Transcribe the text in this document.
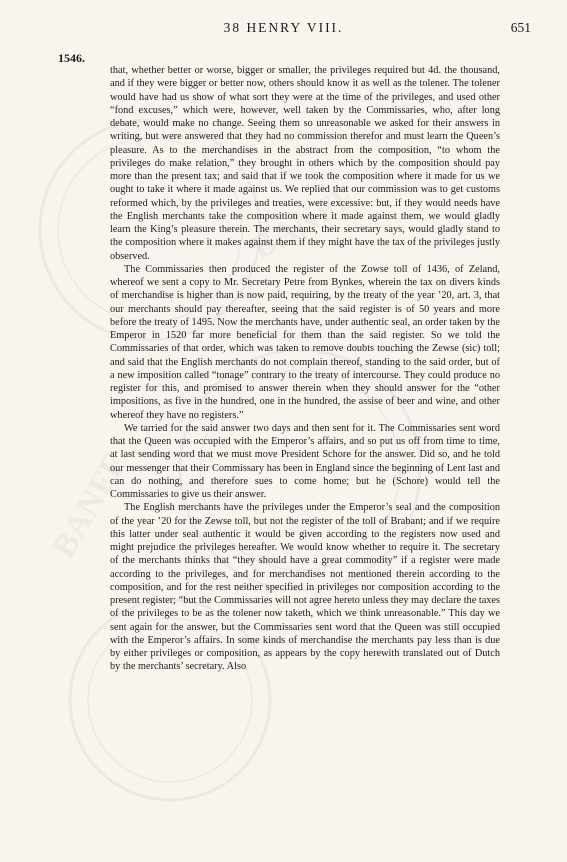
BANFF
BANFF
38 HENRY VIII.	651
1546.

that, whether better or worse, bigger or smaller, the privileges required but 4d. the thousand, and if they were bigger or better now, others should know it as well as the tolener. The tolener would have had us show of what sort they were at the time of the privileges, and used other “fond excuses,” which were, however, well taken by the Commissaries, who, after long debate, would make no change. Seeing them so unreasonable we asked for their answers in writing, but were answered that they had no commission therefor and must learn the Queen’s pleasure. As to the merchandises in the abstract from the composition, “to whom the privileges do make relation,” they brought in others which by the composition should pay more than the present tax; and said that if we took the composition where it made for us we ought to take it where it made against us. We replied that our commission was to get customs reformed which, by the privileges and treaties, were excessive: but, if they would needs have the English merchants take the composition where it made against them, we would gladly learn the King’s pleasure therein. The merchants, their secretary says, would gladly stand to the composition where it makes against them if they might have the tax of the privileges justly observed.

The Commissaries then produced the register of the Zowse toll of 1436, of Zeland, whereof we sent a copy to Mr. Secretary Petre from Bynkes, wherein the tax on divers kinds of merchandise is higher than is now paid, requiring, by the treaty of the year ’20, art. 3, that our merchants should pay thereafter, seeing that the said register is of 50 years and more before the treaty of 1495. Now the merchants have, under authentic seal, an order taken by the Emperor in 1520 far more beneficial for them than the said register. So we told the Commissaries of that order, which was taken to remove doubts touching the Zewse (sic) toll; and said that the English merchants do not complain thereof, standing to the said order, but of a new imposition called “tonage” contrary to the treaty of intercourse. They could produce no register for this, and promised to answer therein when they should answer for the “other impositions, as five in the hundred, one in the hundred, the assise of beer and wine, and other whereof they have no registers.”

We tarried for the said answer two days and then sent for it. The Commissaries sent word that the Queen was occupied with the Emperor’s affairs, and so put us off from time to time, at last sending word that we must move President Schore for the answer. Did so, and he told our messenger that their Commissary has been in England since the beginning of Lent last and can do nothing, and therefore sues to come home; but he (Schore) would tell the Commissaries to give us their answer.

The English merchants have the privileges under the Emperor’s seal and the composition of the year ’20 for the Zewse toll, but not the register of the toll of Brabant; and if we require this latter under seal authentic it would be given according to the registers now used and might prejudice the privileges hereafter. We would know whether to require it. The secretary of the merchants thinks that “they should have a great commodity” if a register were made according to the privileges, and for merchandises not mentioned therein according to the composition, and for the rest neither specified in privileges nor composition according to the present register; “but the Commissaries will not agree hereto unless they may declare the taxes of the privileges to be as the tolener now taketh, which we think unreasonable.” This day we sent again for the answer, but the Commissaries sent word that the Queen was still occupied with the Emperor’s affairs. In some kinds of merchandise the merchants pay less than is due by either privileges or composition, as appears by the copy herewith translated out of Dutch by the merchants’ secretary. Also
